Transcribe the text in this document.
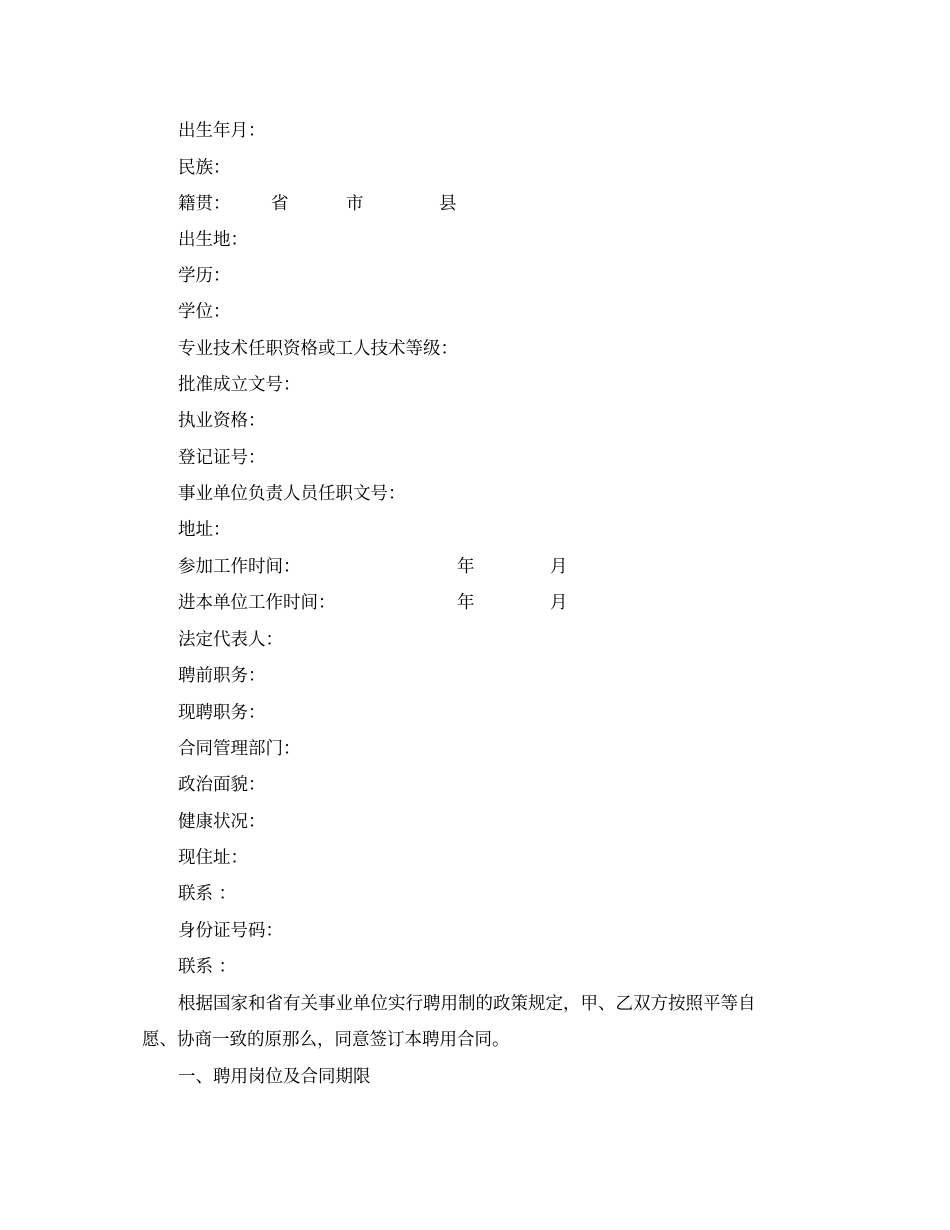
出生年月：
民族：
籍贯： 省	市	县
出生地：
学历：
学位：
专业技术任职资格或工人技术等级：
批准成立文号：
执业资格：
登记证号：
事业单位负责人员任职文号：
地址：
参加工作时间：	年	月
进本单位工作时间：	年	月
法定代表人：
聘前职务：
现聘职务：
合同管理部门：
政治面貌：
健康状况：
现住址：
联系 ：
身份证号码：
联系 ：
根据国家和省有关事业单位实行聘用制的政策规定，甲、乙双方按照平等自
愿、协商一致的原那么，同意签订本聘用合同。
一、聘用岗位及合同期限
